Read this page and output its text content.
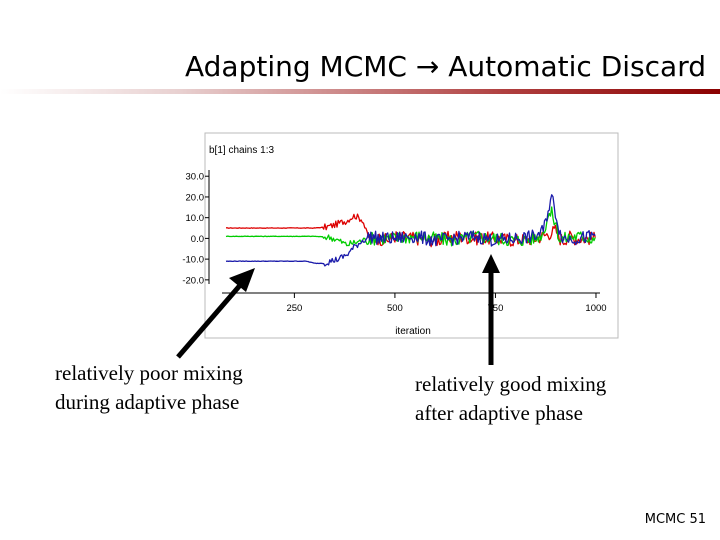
Adapting MCMC → Automatic Discard
b[1] chains 1:3
30.0
20.0
10.0
0.0
-10.0
-20.0
250	500	750	1000
iteration
relatively poor mixing
during adaptive phase
relatively good mixing
after adaptive phase
MCMC 51
